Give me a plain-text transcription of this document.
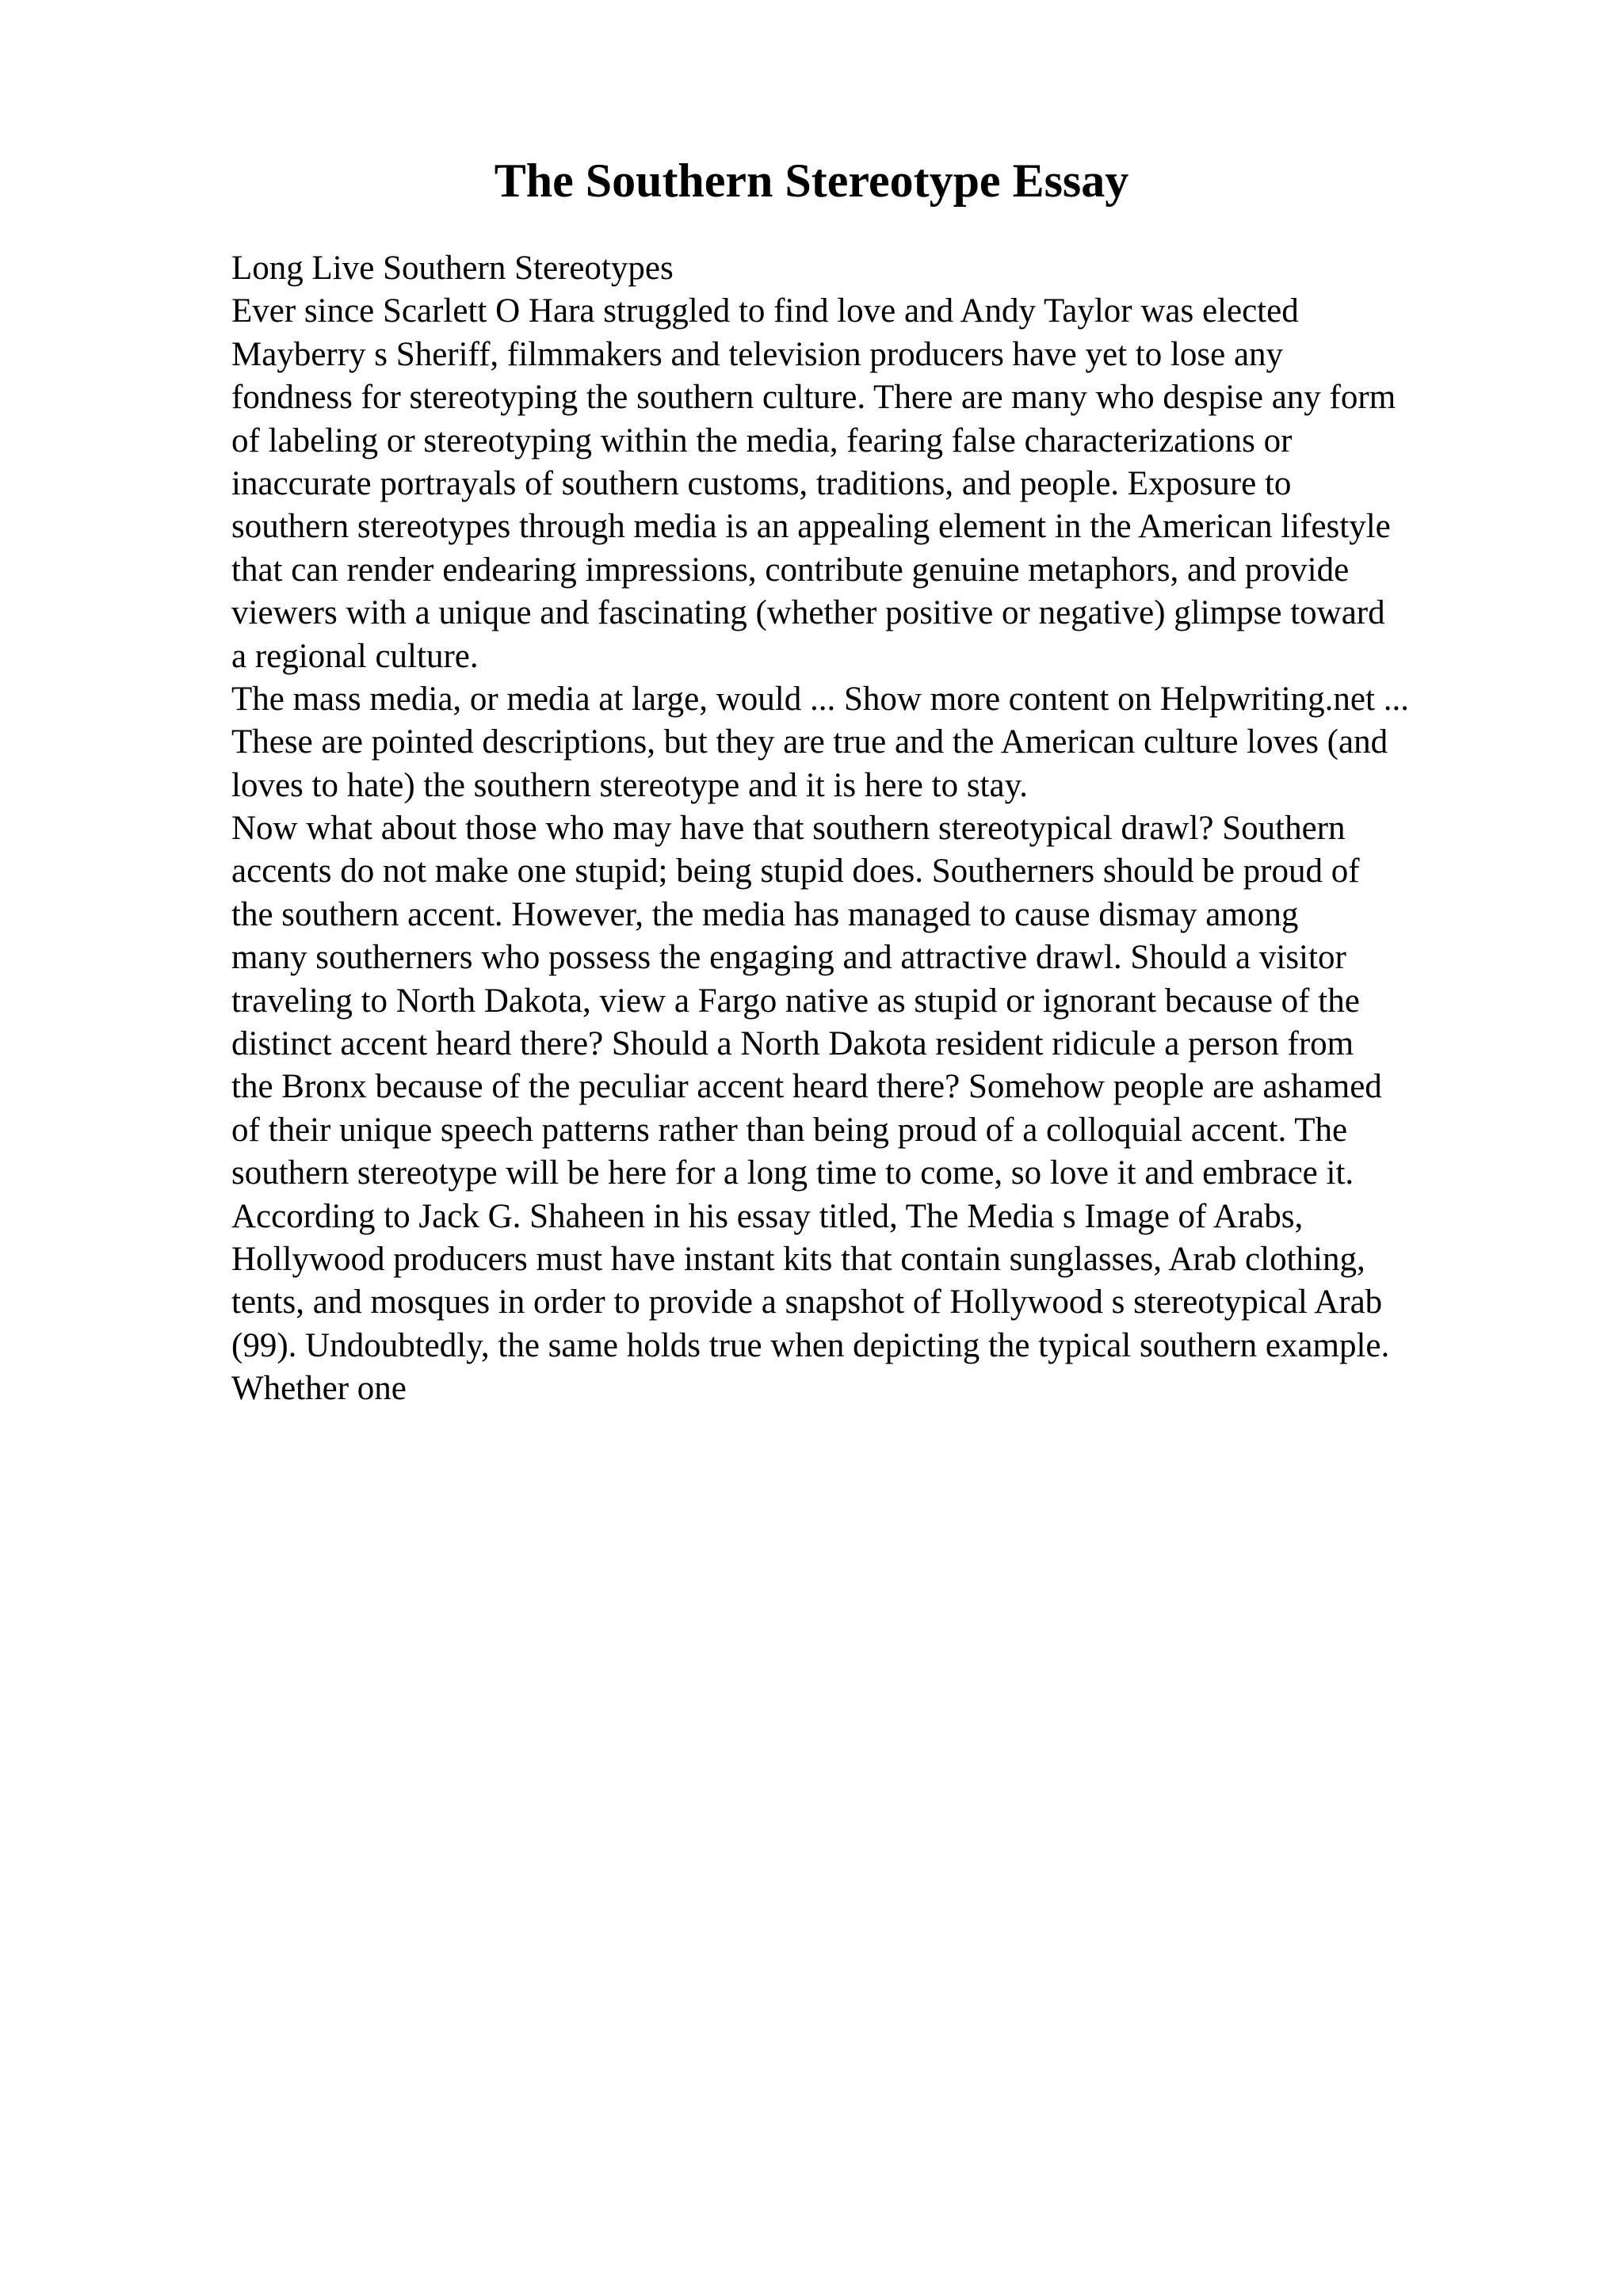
The Southern Stereotype Essay
Long Live Southern Stereotypes
Ever since Scarlett O Hara struggled to find love and Andy Taylor was elected
Mayberry s Sheriff, filmmakers and television producers have yet to lose any
fondness for stereotyping the southern culture. There are many who despise any form
of labeling or stereotyping within the media, fearing false characterizations or
inaccurate portrayals of southern customs, traditions, and people. Exposure to
southern stereotypes through media is an appealing element in the American lifestyle
that can render endearing impressions, contribute genuine metaphors, and provide
viewers with a unique and fascinating (whether positive or negative) glimpse toward
a regional culture.
The mass media, or media at large, would ... Show more content on Helpwriting.net ...
These are pointed descriptions, but they are true and the American culture loves (and
loves to hate) the southern stereotype and it is here to stay.
Now what about those who may have that southern stereotypical drawl? Southern
accents do not make one stupid; being stupid does. Southerners should be proud of
the southern accent. However, the media has managed to cause dismay among
many southerners who possess the engaging and attractive drawl. Should a visitor
traveling to North Dakota, view a Fargo native as stupid or ignorant because of the
distinct accent heard there? Should a North Dakota resident ridicule a person from
the Bronx because of the peculiar accent heard there? Somehow people are ashamed
of their unique speech patterns rather than being proud of a colloquial accent. The
southern stereotype will be here for a long time to come, so love it and embrace it.
According to Jack G. Shaheen in his essay titled, The Media s Image of Arabs,
Hollywood producers must have instant kits that contain sunglasses, Arab clothing,
tents, and mosques in order to provide a snapshot of Hollywood s stereotypical Arab
(99). Undoubtedly, the same holds true when depicting the typical southern example.
Whether one
